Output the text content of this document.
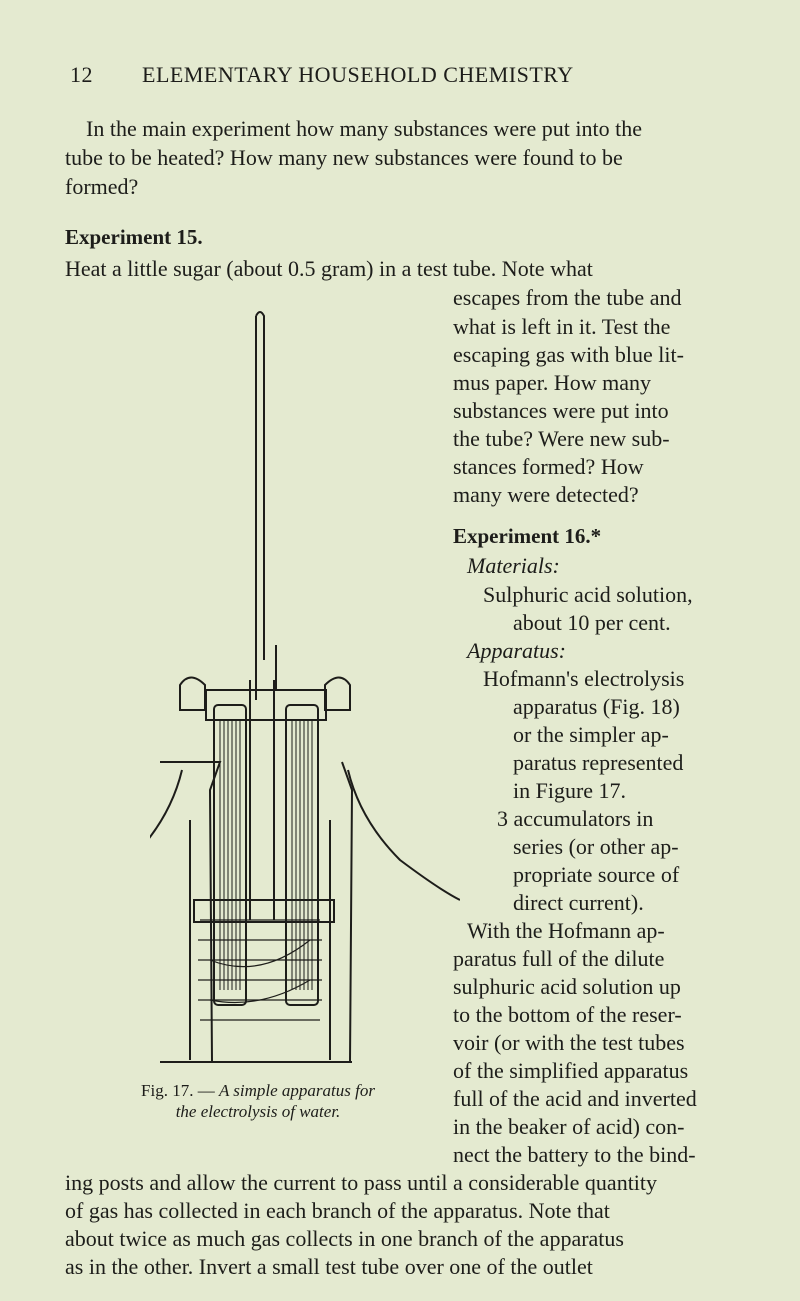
12 ELEMENTARY HOUSEHOLD CHEMISTRY
In the main experiment how many substances were put into the
tube to be heated? How many new substances were found to be
formed?
Experiment 15.
Heat a little sugar (about 0.5 gram) in a test tube. Note what
escapes from the tube and
what is left in it. Test the
escaping gas with blue lit-
mus paper. How many
substances were put into
the tube? Were new sub-
stances formed? How
many were detected?
Experiment 16.*
Materials:
Sulphuric acid solution,
about 10 per cent.
Apparatus:
Hofmann's electrolysis
apparatus (Fig. 18)
or the simpler ap-
paratus represented
in Figure 17.
3 accumulators in
series (or other ap-
propriate source of
direct current).
With the Hofmann ap-
paratus full of the dilute
sulphuric acid solution up
to the bottom of the reser-
voir (or with the test tubes
of the simplified apparatus
full of the acid and inverted
in the beaker of acid) con-
nect the battery to the bind-
ing posts and allow the current to pass until a considerable quantity
of gas has collected in each branch of the apparatus. Note that
about twice as much gas collects in one branch of the apparatus
as in the other. Invert a small test tube over one of the outlet
Fig. 17. — A simple apparatus for
the electrolysis of water.
